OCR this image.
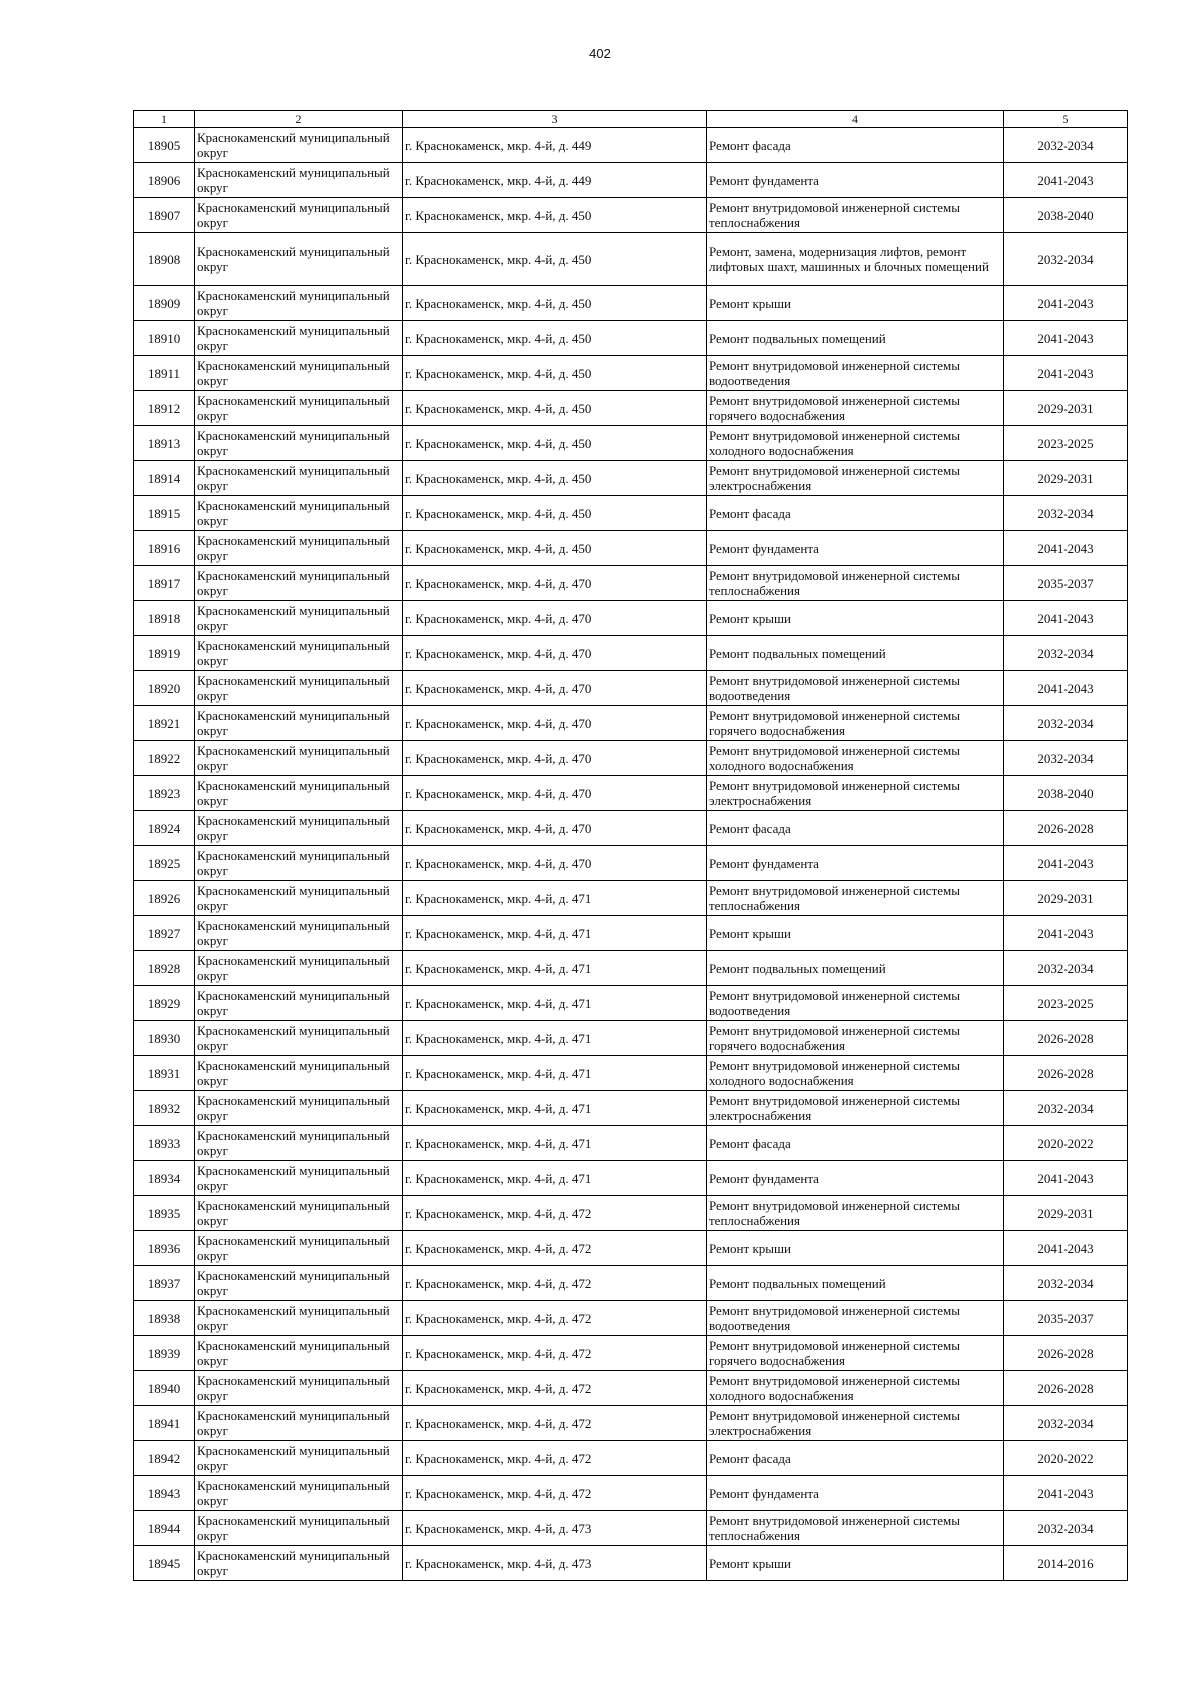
402
1	2	3	4	5
18905	Краснокаменский муниципальный округ	г. Краснокаменск, мкр. 4-й, д. 449	Ремонт фасада	2032-2034
18906	Краснокаменский муниципальный округ	г. Краснокаменск, мкр. 4-й, д. 449	Ремонт фундамента	2041-2043
18907	Краснокаменский муниципальный округ	г. Краснокаменск, мкр. 4-й, д. 450	Ремонт внутридомовой инженерной системы теплоснабжения	2038-2040
18908	Краснокаменский муниципальный округ	г. Краснокаменск, мкр. 4-й, д. 450	Ремонт, замена, модернизация лифтов, ремонт лифтовых шахт, машинных и блочных помещений	2032-2034
18909	Краснокаменский муниципальный округ	г. Краснокаменск, мкр. 4-й, д. 450	Ремонт крыши	2041-2043
18910	Краснокаменский муниципальный округ	г. Краснокаменск, мкр. 4-й, д. 450	Ремонт подвальных помещений	2041-2043
18911	Краснокаменский муниципальный округ	г. Краснокаменск, мкр. 4-й, д. 450	Ремонт внутридомовой инженерной системы водоотведения	2041-2043
18912	Краснокаменский муниципальный округ	г. Краснокаменск, мкр. 4-й, д. 450	Ремонт внутридомовой инженерной системы горячего водоснабжения	2029-2031
18913	Краснокаменский муниципальный округ	г. Краснокаменск, мкр. 4-й, д. 450	Ремонт внутридомовой инженерной системы холодного водоснабжения	2023-2025
18914	Краснокаменский муниципальный округ	г. Краснокаменск, мкр. 4-й, д. 450	Ремонт внутридомовой инженерной системы электроснабжения	2029-2031
18915	Краснокаменский муниципальный округ	г. Краснокаменск, мкр. 4-й, д. 450	Ремонт фасада	2032-2034
18916	Краснокаменский муниципальный округ	г. Краснокаменск, мкр. 4-й, д. 450	Ремонт фундамента	2041-2043
18917	Краснокаменский муниципальный округ	г. Краснокаменск, мкр. 4-й, д. 470	Ремонт внутридомовой инженерной системы теплоснабжения	2035-2037
18918	Краснокаменский муниципальный округ	г. Краснокаменск, мкр. 4-й, д. 470	Ремонт крыши	2041-2043
18919	Краснокаменский муниципальный округ	г. Краснокаменск, мкр. 4-й, д. 470	Ремонт подвальных помещений	2032-2034
18920	Краснокаменский муниципальный округ	г. Краснокаменск, мкр. 4-й, д. 470	Ремонт внутридомовой инженерной системы водоотведения	2041-2043
18921	Краснокаменский муниципальный округ	г. Краснокаменск, мкр. 4-й, д. 470	Ремонт внутридомовой инженерной системы горячего водоснабжения	2032-2034
18922	Краснокаменский муниципальный округ	г. Краснокаменск, мкр. 4-й, д. 470	Ремонт внутридомовой инженерной системы холодного водоснабжения	2032-2034
18923	Краснокаменский муниципальный округ	г. Краснокаменск, мкр. 4-й, д. 470	Ремонт внутридомовой инженерной системы электроснабжения	2038-2040
18924	Краснокаменский муниципальный округ	г. Краснокаменск, мкр. 4-й, д. 470	Ремонт фасада	2026-2028
18925	Краснокаменский муниципальный округ	г. Краснокаменск, мкр. 4-й, д. 470	Ремонт фундамента	2041-2043
18926	Краснокаменский муниципальный округ	г. Краснокаменск, мкр. 4-й, д. 471	Ремонт внутридомовой инженерной системы теплоснабжения	2029-2031
18927	Краснокаменский муниципальный округ	г. Краснокаменск, мкр. 4-й, д. 471	Ремонт крыши	2041-2043
18928	Краснокаменский муниципальный округ	г. Краснокаменск, мкр. 4-й, д. 471	Ремонт подвальных помещений	2032-2034
18929	Краснокаменский муниципальный округ	г. Краснокаменск, мкр. 4-й, д. 471	Ремонт внутридомовой инженерной системы водоотведения	2023-2025
18930	Краснокаменский муниципальный округ	г. Краснокаменск, мкр. 4-й, д. 471	Ремонт внутридомовой инженерной системы горячего водоснабжения	2026-2028
18931	Краснокаменский муниципальный округ	г. Краснокаменск, мкр. 4-й, д. 471	Ремонт внутридомовой инженерной системы холодного водоснабжения	2026-2028
18932	Краснокаменский муниципальный округ	г. Краснокаменск, мкр. 4-й, д. 471	Ремонт внутридомовой инженерной системы электроснабжения	2032-2034
18933	Краснокаменский муниципальный округ	г. Краснокаменск, мкр. 4-й, д. 471	Ремонт фасада	2020-2022
18934	Краснокаменский муниципальный округ	г. Краснокаменск, мкр. 4-й, д. 471	Ремонт фундамента	2041-2043
18935	Краснокаменский муниципальный округ	г. Краснокаменск, мкр. 4-й, д. 472	Ремонт внутридомовой инженерной системы теплоснабжения	2029-2031
18936	Краснокаменский муниципальный округ	г. Краснокаменск, мкр. 4-й, д. 472	Ремонт крыши	2041-2043
18937	Краснокаменский муниципальный округ	г. Краснокаменск, мкр. 4-й, д. 472	Ремонт подвальных помещений	2032-2034
18938	Краснокаменский муниципальный округ	г. Краснокаменск, мкр. 4-й, д. 472	Ремонт внутридомовой инженерной системы водоотведения	2035-2037
18939	Краснокаменский муниципальный округ	г. Краснокаменск, мкр. 4-й, д. 472	Ремонт внутридомовой инженерной системы горячего водоснабжения	2026-2028
18940	Краснокаменский муниципальный округ	г. Краснокаменск, мкр. 4-й, д. 472	Ремонт внутридомовой инженерной системы холодного водоснабжения	2026-2028
18941	Краснокаменский муниципальный округ	г. Краснокаменск, мкр. 4-й, д. 472	Ремонт внутридомовой инженерной системы электроснабжения	2032-2034
18942	Краснокаменский муниципальный округ	г. Краснокаменск, мкр. 4-й, д. 472	Ремонт фасада	2020-2022
18943	Краснокаменский муниципальный округ	г. Краснокаменск, мкр. 4-й, д. 472	Ремонт фундамента	2041-2043
18944	Краснокаменский муниципальный округ	г. Краснокаменск, мкр. 4-й, д. 473	Ремонт внутридомовой инженерной системы теплоснабжения	2032-2034
18945	Краснокаменский муниципальный округ	г. Краснокаменск, мкр. 4-й, д. 473	Ремонт крыши	2014-2016
